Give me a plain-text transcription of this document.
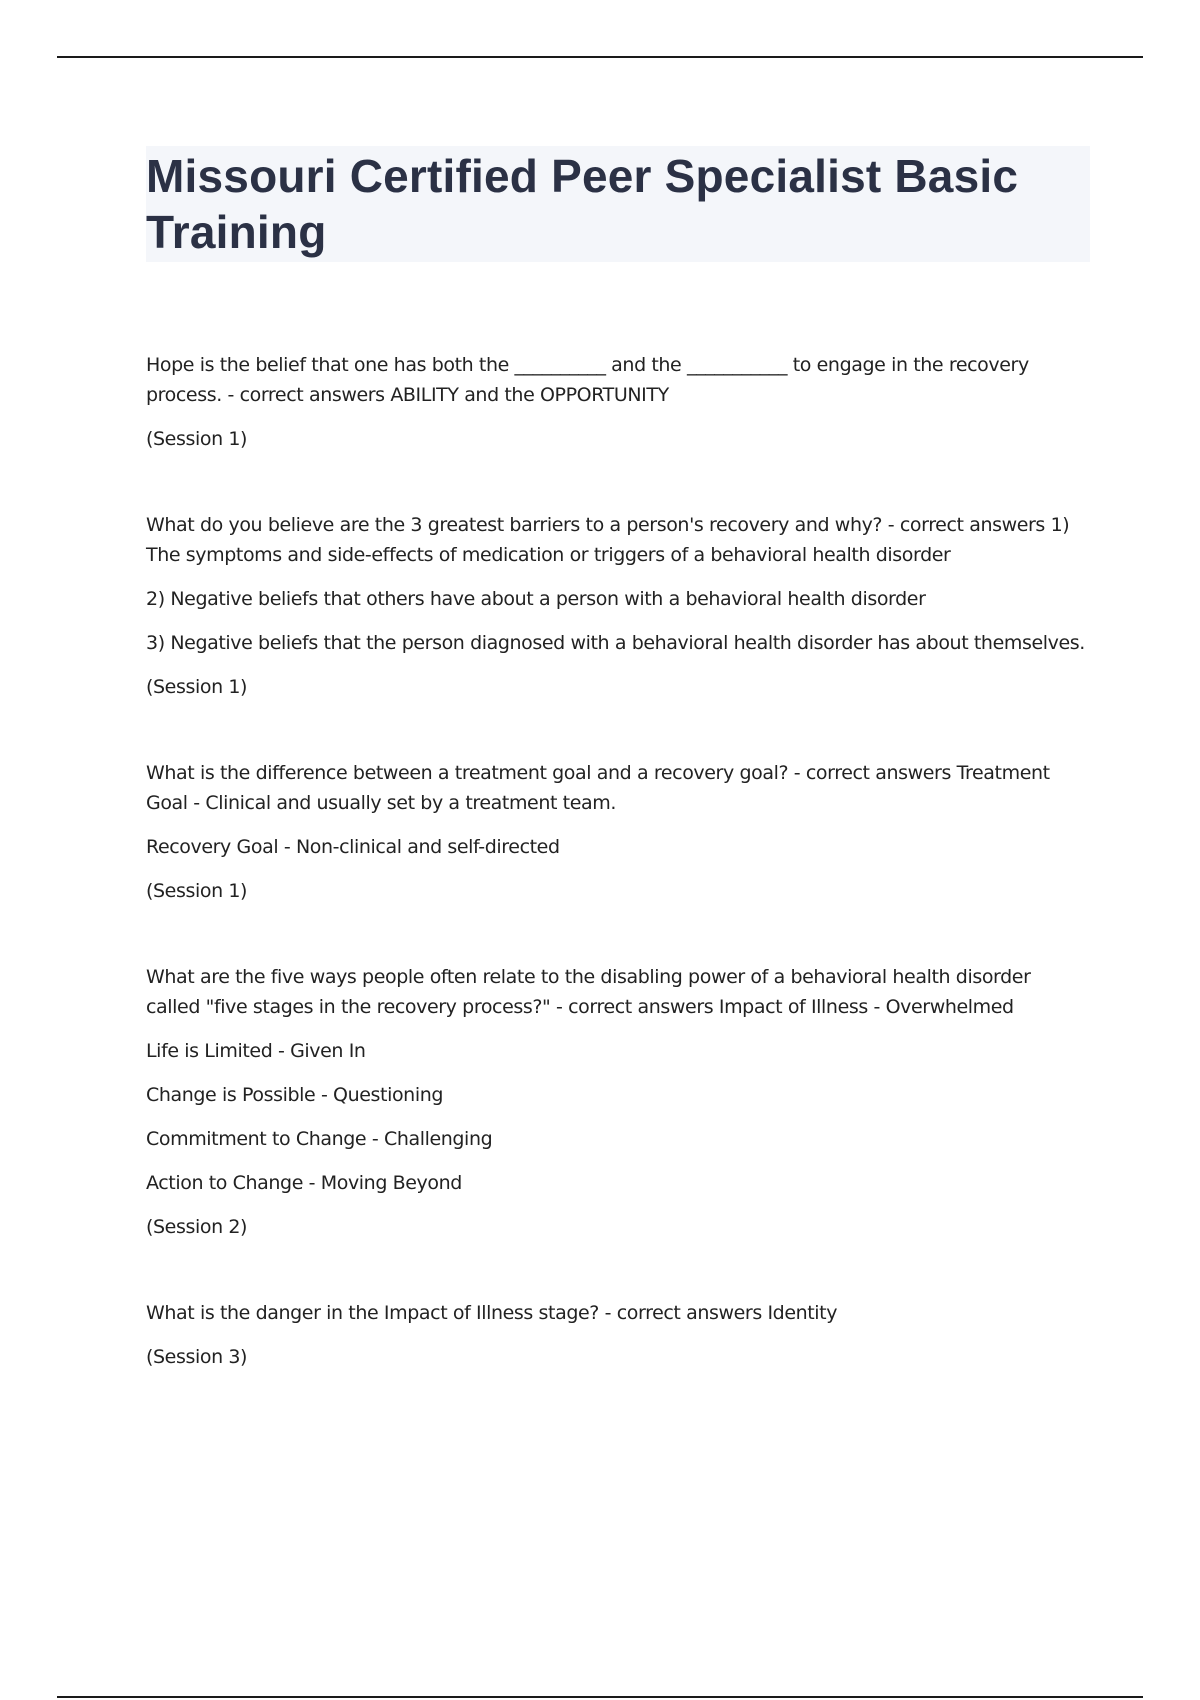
Missouri Certified Peer Specialist Basic Training

Hope is the belief that one has both the __________ and the ___________ to engage in the recovery process. - correct answers ABILITY and the OPPORTUNITY

(Session 1)

What do you believe are the 3 greatest barriers to a person's recovery and why? - correct answers 1) The symptoms and side-effects of medication or triggers of a behavioral health disorder

2) Negative beliefs that others have about a person with a behavioral health disorder

3) Negative beliefs that the person diagnosed with a behavioral health disorder has about themselves.

(Session 1)

What is the difference between a treatment goal and a recovery goal? - correct answers Treatment Goal - Clinical and usually set by a treatment team.

Recovery Goal - Non-clinical and self-directed

(Session 1)

What are the five ways people often relate to the disabling power of a behavioral health disorder called "five stages in the recovery process?" - correct answers Impact of Illness - Overwhelmed

Life is Limited - Given In

Change is Possible - Questioning

Commitment to Change - Challenging

Action to Change - Moving Beyond

(Session 2)

What is the danger in the Impact of Illness stage? - correct answers Identity

(Session 3)
